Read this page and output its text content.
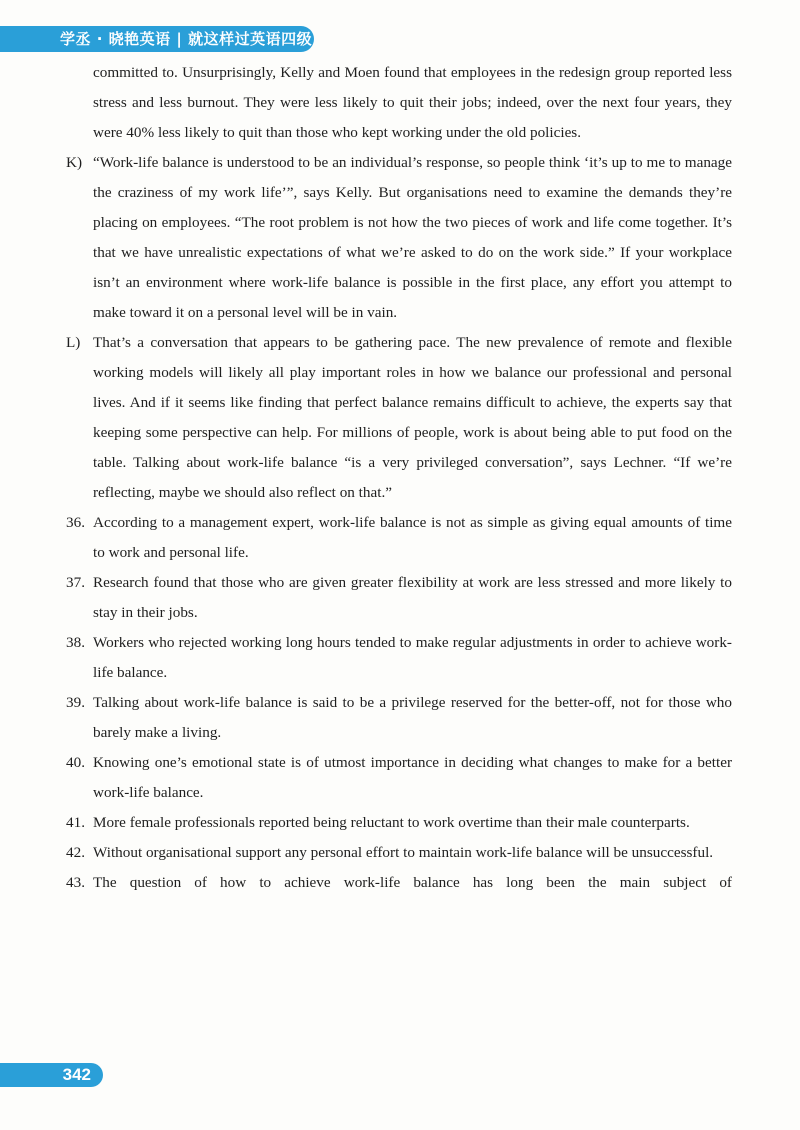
学丞 · 晓艳英语 | 就这样过英语四级

committed to. Unsurprisingly, Kelly and Moen found that employees in the redesign group reported less stress and less burnout. They were less likely to quit their jobs; indeed, over the next four years, they were 40% less likely to quit than those who kept working under the old policies.

K) “Work-life balance is understood to be an individual’s response, so people think ‘it’s up to me to manage the craziness of my work life’”, says Kelly. But organisations need to examine the demands they’re placing on employees. “The root problem is not how the two pieces of work and life come together. It’s that we have unrealistic expectations of what we’re asked to do on the work side.” If your workplace isn’t an environment where work-life balance is possible in the first place, any effort you attempt to make toward it on a personal level will be in vain.
L) That’s a conversation that appears to be gathering pace. The new prevalence of remote and flexible working models will likely all play important roles in how we balance our professional and personal lives. And if it seems like finding that perfect balance remains difficult to achieve, the experts say that keeping some perspective can help. For millions of people, work is about being able to put food on the table. Talking about work-life balance “is a very privileged conversation”, says Lechner. “If we’re reflecting, maybe we should also reflect on that.”
36. According to a management expert, work-life balance is not as simple as giving equal amounts of time to work and personal life.
37. Research found that those who are given greater flexibility at work are less stressed and more likely to stay in their jobs.
38. Workers who rejected working long hours tended to make regular adjustments in order to achieve work-life balance.
39. Talking about work-life balance is said to be a privilege reserved for the better-off, not for those who barely make a living.
40. Knowing one’s emotional state is of utmost importance in deciding what changes to make for a better work-life balance.
41. More female professionals reported being reluctant to work overtime than their male counterparts.
42. Without organisational support any personal effort to maintain work-life balance will be unsuccessful.
43. The question of how to achieve work-life balance has long been the main subject of
342
